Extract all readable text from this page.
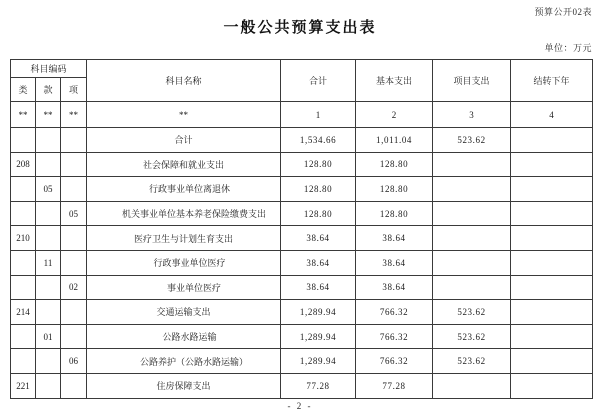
预算公开02表
一般公共预算支出表
单位：万元
科目编码			科目名称	合计	基本支出	项目支出	结转下年
类	款	项					
**	**	**	**	1	2	3	4
			合计	1,534.66	1,011.04	523.62	
208			社会保障和就业支出	128.80	128.80		
	05		行政事业单位离退休	128.80	128.80		
		05	机关事业单位基本养老保险缴费支出	128.80	128.80		
210			医疗卫生与计划生育支出	38.64	38.64		
	11		行政事业单位医疗	38.64	38.64		
		02	事业单位医疗	38.64	38.64		
214			交通运输支出	1,289.94	766.32	523.62	
	01		公路水路运输	1,289.94	766.32	523.62	
		06	公路养护（公路水路运输）	1,289.94	766.32	523.62	
221			住房保障支出	77.28	77.28		
- 2 -
